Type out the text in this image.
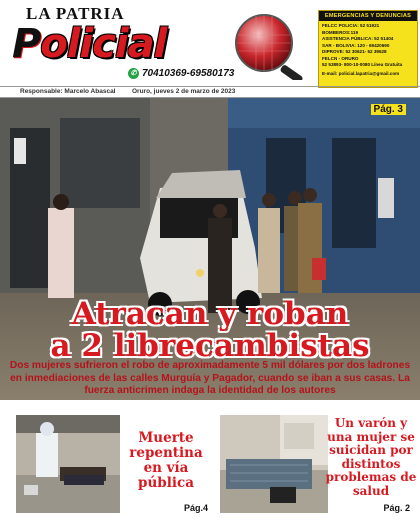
LA PATRIA
Policial
✆ 70410369-69580173
EMERGENCIAS Y DENUNCIAS
FELCC POLICIA: 52 51921
BOMBEROS:119
ASISTENCIA PÚBLICA: 52 51404
SAR - BOLIVIA: 120 - 69420690
DIPROVE: 52 30621- 52 39628
FELCN - ORURO
52 53893- 800-10-0080 Línea Gratuita
E-mail: policial.lapatria@gmail.com
Responsable: Marcelo Abascal	Oruro, jueves 2 de marzo de 2023
Pág. 3
Atracan y roban
a 2 librecambistas

Dos mujeres sufrieron el robo de aproximadamente 5 mil dólares por dos ladrones en inmediaciones de las calles Murguía y Pagador, cuando se iban a sus casas. La fuerza anticrimen indaga la identidad de los autores

Muerte repentina en vía pública
Pág.4
Un varón y una mujer se suicidan por distintos problemas de salud
Pág. 2
